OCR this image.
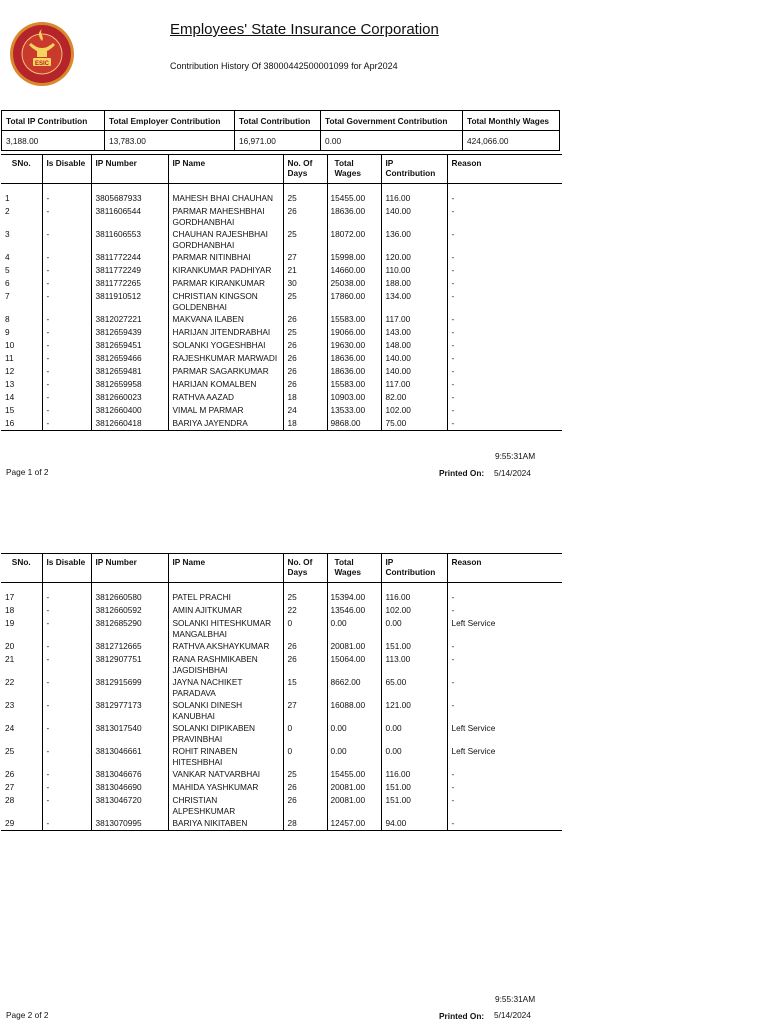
ESIC
Employees' State Insurance Corporation
Contribution History Of 38000442500001099 for Apr2024
Total IP Contribution	Total Employer Contribution	Total Contribution	Total Government Contribution	Total Monthly Wages
3,188.00	13,783.00	16,971.00	0.00	424,066.00
SNo.	Is Disable	IP Number	IP Name	No. Of Days	Total Wages	IP Contribution	Reason
1	-	3805687933	MAHESH BHAI CHAUHAN	25	15455.00	116.00	-
2	-	3811606544	PARMAR MAHESHBHAI GORDHANBHAI	26	18636.00	140.00	-
3	-	3811606553	CHAUHAN RAJESHBHAI GORDHANBHAI	25	18072.00	136.00	-
4	-	3811772244	PARMAR NITINBHAI	27	15998.00	120.00	-
5	-	3811772249	KIRANKUMAR PADHIYAR	21	14660.00	110.00	-
6	-	3811772265	PARMAR KIRANKUMAR	30	25038.00	188.00	-
7	-	3811910512	CHRISTIAN KINGSON GOLDENBHAI	25	17860.00	134.00	-
8	-	3812027221	MAKVANA ILABEN	26	15583.00	117.00	-
9	-	3812659439	HARIJAN JITENDRABHAI	25	19066.00	143.00	-
10	-	3812659451	SOLANKI YOGESHBHAI	26	19630.00	148.00	-
11	-	3812659466	RAJESHKUMAR MARWADI	26	18636.00	140.00	-
12	-	3812659481	PARMAR SAGARKUMAR	26	18636.00	140.00	-
13	-	3812659958	HARIJAN KOMALBEN	26	15583.00	117.00	-
14	-	3812660023	RATHVA AAZAD	18	10903.00	82.00	-
15	-	3812660400	VIMAL M PARMAR	24	13533.00	102.00	-
16	-	3812660418	BARIYA JAYENDRA	18	9868.00	75.00	-
9:55:31AM
Page 1 of 2	Printed On: 5/14/2024
SNo.	Is Disable	IP Number	IP Name	No. Of Days	Total Wages	IP Contribution	Reason
17	-	3812660580	PATEL PRACHI	25	15394.00	116.00	-
18	-	3812660592	AMIN AJITKUMAR	22	13546.00	102.00	-
19	-	3812685290	SOLANKI HITESHKUMAR MANGALBHAI	0	0.00	0.00	Left Service
20	-	3812712665	RATHVA AKSHAYKUMAR	26	20081.00	151.00	-
21	-	3812907751	RANA RASHMIKABEN JAGDISHBHAI	26	15064.00	113.00	-
22	-	3812915699	JAYNA NACHIKET PARADAVA	15	8662.00	65.00	-
23	-	3812977173	SOLANKI DINESH KANUBHAI	27	16088.00	121.00	-
24	-	3813017540	SOLANKI DIPIKABEN PRAVINBHAI	0	0.00	0.00	Left Service
25	-	3813046661	ROHIT RINABEN HITESHBHAI	0	0.00	0.00	Left Service
26	-	3813046676	VANKAR NATVARBHAI	25	15455.00	116.00	-
27	-	3813046690	MAHIDA YASHKUMAR	26	20081.00	151.00	-
28	-	3813046720	CHRISTIAN ALPESHKUMAR	26	20081.00	151.00	-
29	-	3813070995	BARIYA NIKITABEN	28	12457.00	94.00	-
9:55:31AM
Page 2 of 2	Printed On: 5/14/2024
